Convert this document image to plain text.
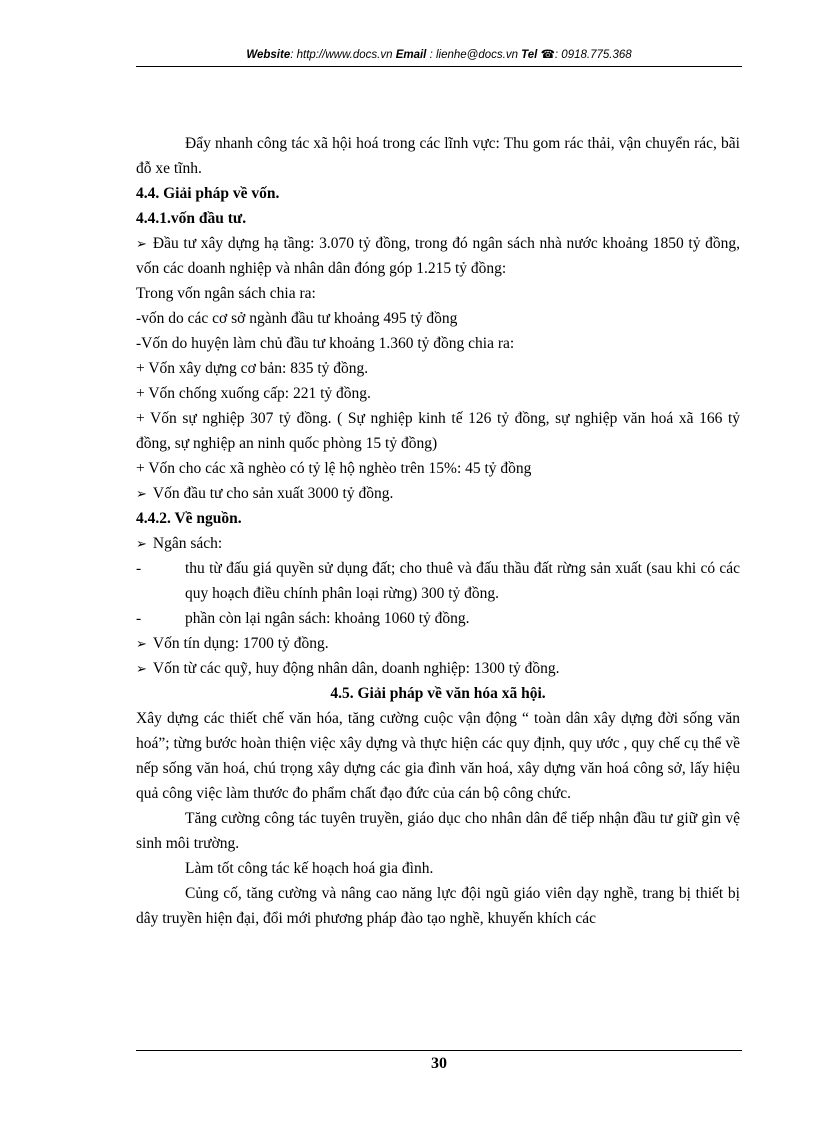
Website: http://www.docs.vn Email : lienhe@docs.vn Tel ☎: 0918.775.368

Đẩy nhanh công tác xã hội hoá trong các lĩnh vực: Thu gom rác thải, vận chuyển rác, bãi đỗ xe tĩnh.

4.4. Giải pháp về vốn.

4.4.1.vốn đầu tư.

➢ Đầu tư xây dựng hạ tầng: 3.070 tỷ đồng, trong đó ngân sách nhà nước khoảng 1850 tỷ đồng, vốn các doanh nghiệp và nhân dân đóng góp 1.215 tỷ đồng:

Trong vốn ngân sách chia ra:

-vốn do các cơ sở ngành đầu tư khoảng 495 tỷ đồng

-Vốn do huyện làm chủ đầu tư khoảng 1.360 tỷ đồng chia ra:

+ Vốn xây dựng cơ bản: 835 tỷ đồng.

+ Vốn chống xuống cấp: 221 tỷ đồng.

+ Vốn sự nghiệp 307 tỷ đồng. ( Sự nghiệp kinh tế 126 tỷ đồng, sự nghiệp văn hoá xã 166 tỷ đồng, sự nghiệp an ninh quốc phòng 15 tỷ đồng)

+ Vốn cho các xã nghèo có tỷ lệ hộ nghèo trên 15%: 45 tỷ đồng

➢ Vốn đầu tư cho sản xuất 3000 tỷ đồng.

4.4.2. Về nguồn.

➢ Ngân sách:

-	thu từ đấu giá quyền sử dụng đất; cho thuê và đấu thầu đất rừng sản xuất (sau khi có các quy hoạch điều chính phân loại rừng) 300 tỷ đồng.
-	phần còn lại ngân sách: khoảng 1060 tỷ đồng.

➢ Vốn tín dụng: 1700 tỷ đồng.

➢ Vốn từ các quỹ, huy động nhân dân, doanh nghiệp: 1300 tỷ đồng.

4.5. Giải pháp về văn hóa xã hội.

Xây dựng các thiết chế văn hóa, tăng cường cuộc vận động “ toàn dân xây dựng đời sống văn hoá”; từng bước hoàn thiện việc xây dựng và thực hiện các quy định, quy ước , quy chế cụ thể về nếp sống văn hoá, chú trọng xây dựng các gia đình văn hoá, xây dựng văn hoá công sở, lấy hiệu quả công việc làm thước đo phẩm chất đạo đức của cán bộ công chức.

Tăng cường công tác tuyên truyền, giáo dục cho nhân dân để tiếp nhận đầu tư giữ gìn vệ sinh môi trường.

Làm tốt công tác kế hoạch hoá gia đình.

Củng cố, tăng cường và nâng cao năng lực đội ngũ giáo viên dạy nghề, trang bị thiết bị dây truyền hiện đại, đổi mới phương pháp đào tạo nghề, khuyến khích các

30
